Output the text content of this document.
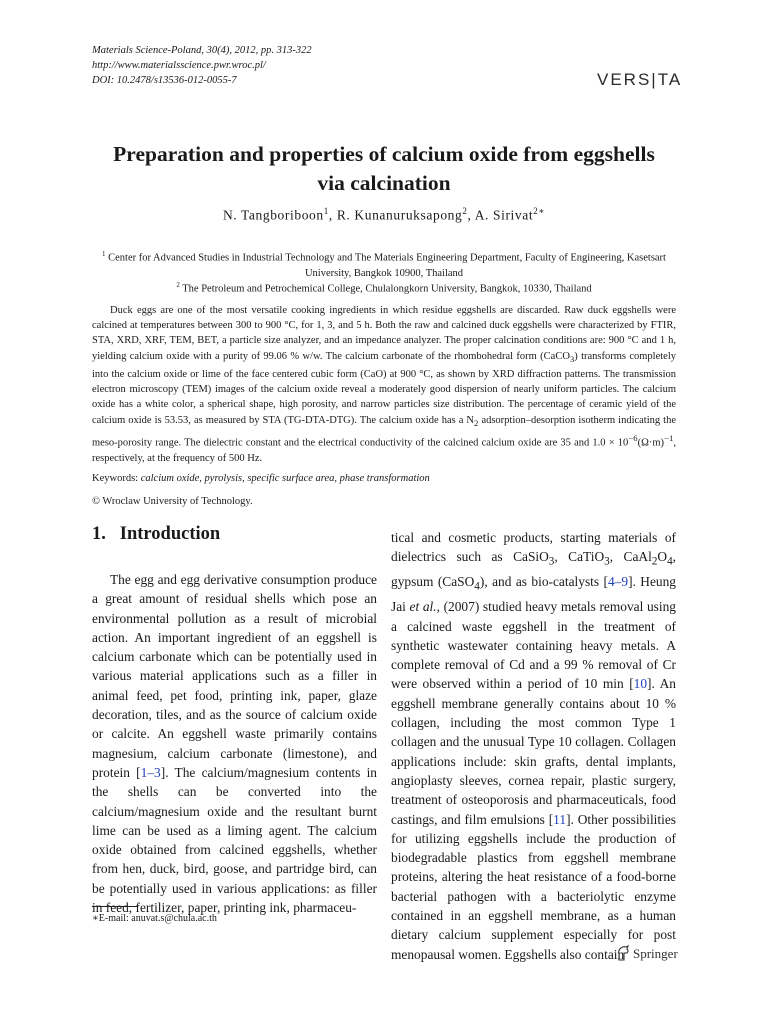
Materials Science-Poland, 30(4), 2012, pp. 313-322
http://www.materialsscience.pwr.wroc.pl/
DOI: 10.2478/s13536-012-0055-7	VERS|TA
Preparation and properties of calcium oxide from eggshells
via calcination
N. Tangboriboon$^1$, R. Kunanuruksapong$^2$, A. Sirivat$^{2∗}$
$^1$ Center for Advanced Studies in Industrial Technology and The Materials Engineering Department, Faculty of Engineering, Kasetsart University, Bangkok 10900, Thailand
$^2$ The Petroleum and Petrochemical College, Chulalongkorn University, Bangkok, 10330, Thailand

Duck eggs are one of the most versatile cooking ingredients in which residue eggshells are discarded. Raw duck eggshells were calcined at temperatures between 300 to 900 °C, for 1, 3, and 5 h. Both the raw and calcined duck eggshells were characterized by FTIR, STA, XRD, XRF, TEM, BET, a particle size analyzer, and an impedance analyzer. The proper calcination conditions are: 900 °C and 1 h, yielding calcium oxide with a purity of 99.06 % w/w. The calcium carbonate of the rhombohedral form (CaCO$_3$) transforms completely into the calcium oxide or lime of the face centered cubic form (CaO) at 900 °C, as shown by XRD diffraction patterns. The transmission electron microscopy (TEM) images of the calcium oxide reveal a moderately good dispersion of nearly uniform particles. The calcium oxide has a white color, a spherical shape, high porosity, and narrow particles size distribution. The percentage of ceramic yield of the calcium oxide is 53.53, as measured by STA (TG-DTA-DTG). The calcium oxide has a $N_2$ adsorption–desorption isotherm indicating the meso-porosity range. The dielectric constant and the electrical conductivity of the calcined calcium oxide are 35 and $1.0 \times 10^{-6}(\Omega\cdot m)^{-1}$, respectively, at the frequency of 500 Hz.

Keywords: calcium oxide, pyrolysis, specific surface area, phase transformation
© Wroclaw University of Technology.
1. Introduction

The egg and egg derivative consumption produce a great amount of residual shells which pose an environmental pollution as a result of microbial action. An important ingredient of an eggshell is calcium carbonate which can be potentially used in various material applications such as a filler in animal feed, pet food, printing ink, paper, glaze decoration, tiles, and as the source of calcium oxide or calcite. An eggshell waste primarily contains magnesium, calcium carbonate (limestone), and protein [1–3]. The calcium/magnesium contents in the shells can be converted into the calcium/magnesium oxide and the resultant burnt lime can be used as a liming agent. The calcium oxide obtained from calcined eggshells, whether from hen, duck, bird, goose, and partridge bird, can be potentially used in various applications: as filler in feed, fertilizer, paper, printing ink, pharmaceu-

tical and cosmetic products, starting materials of dielectrics such as CaSiO$_3$, CaTiO$_3$, $CaAl_2O_4$, gypsum (CaSO$_4$), and as bio-catalysts [4–9]. Heung Jai et al., (2007) studied heavy metals removal using a calcined waste eggshell in the treatment of synthetic wastewater containing heavy metals. A complete removal of Cd and a 99 % removal of Cr were observed within a period of 10 min [10]. An eggshell membrane generally contains about 10 % collagen, including the most common Type 1 collagen and the unusual Type 10 collagen. Collagen applications include: skin grafts, dental implants, angioplasty sleeves, cornea repair, plastic surgery, treatment of osteoporosis and pharmaceuticals, food castings, and film emulsions [11]. Other possibilities for utilizing eggshells include the production of biodegradable plastics from eggshell membrane proteins, altering the heat resistance of a food-borne bacterial pathogen with a bacteriolytic enzyme contained in an eggshell membrane, as a human dietary calcium supplement especially for post menopausal women. Eggshells also contain

∗E-mail: anuvat.s@chula.ac.th
Springer
